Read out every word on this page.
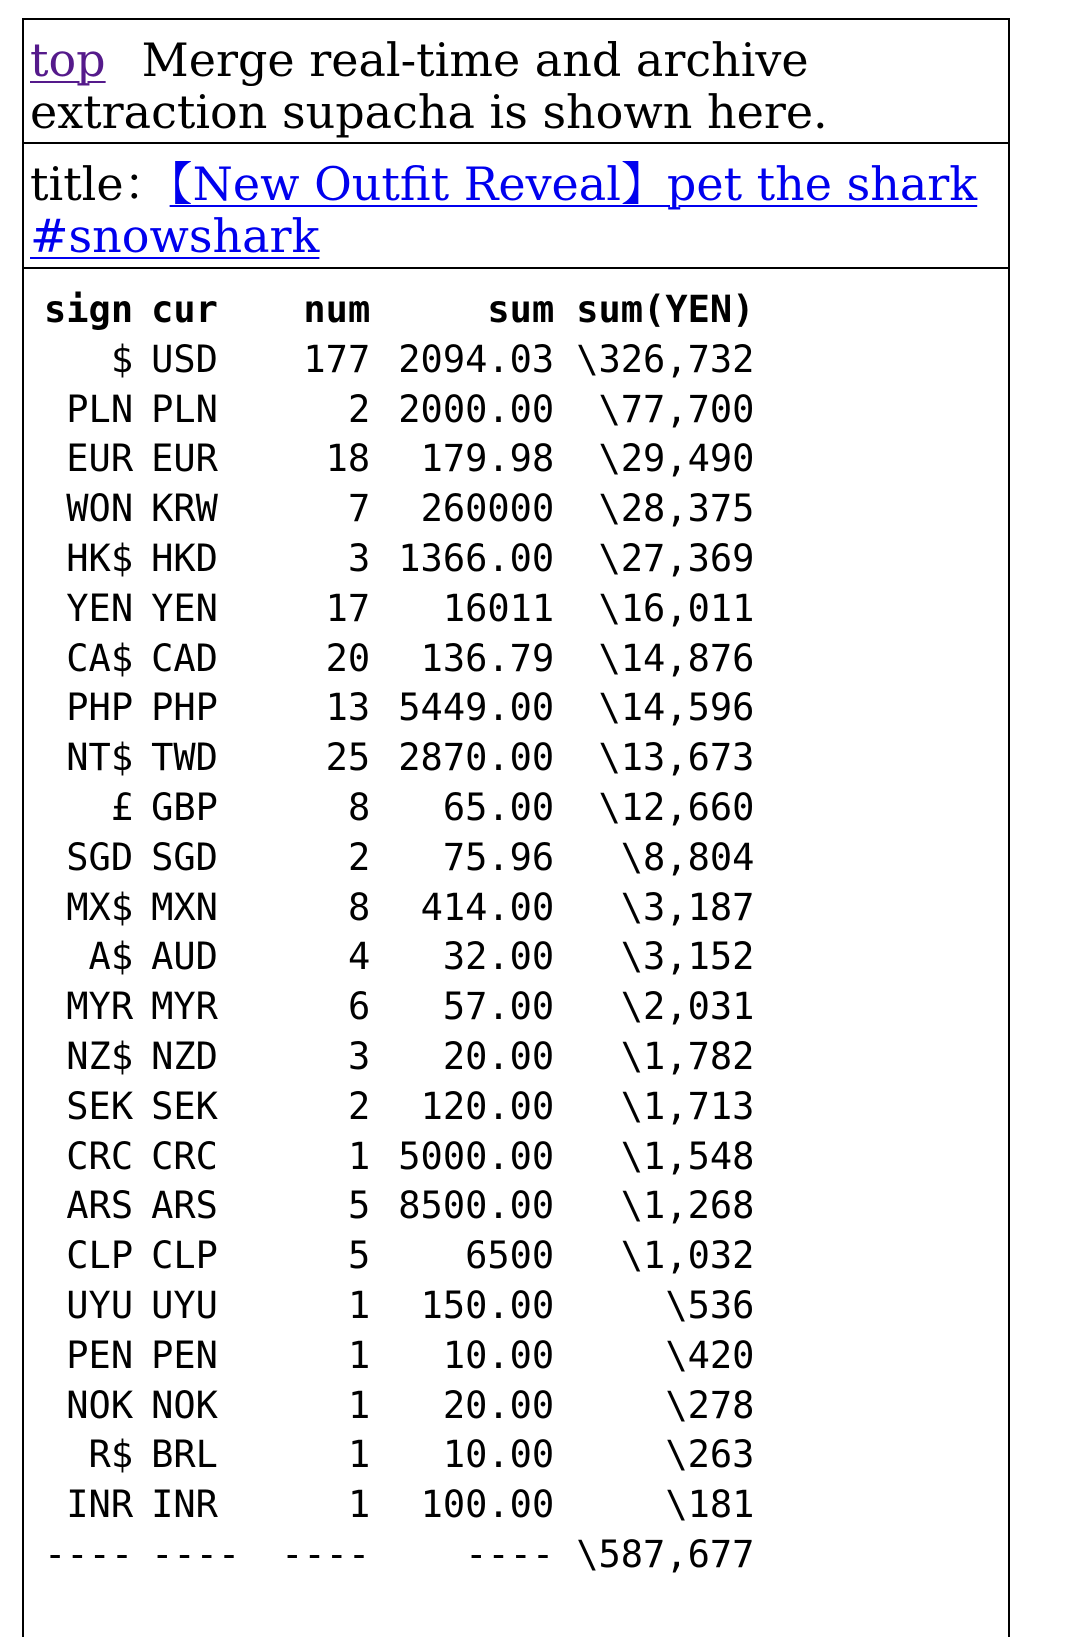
top Merge real-time and archive extraction supacha is shown here.
title：【New Outfit Reveal】pet the shark #snowshark
sign	cur	num	sum	sum(YEN)
$	USD	177	2094.03	\326,732
PLN	PLN	2	2000.00	\77,700
EUR	EUR	18	179.98	\29,490
WON	KRW	7	260000	\28,375
HK$	HKD	3	1366.00	\27,369
YEN	YEN	17	16011	\16,011
CA$	CAD	20	136.79	\14,876
PHP	PHP	13	5449.00	\14,596
NT$	TWD	25	2870.00	\13,673
£	GBP	8	65.00	\12,660
SGD	SGD	2	75.96	\8,804
MX$	MXN	8	414.00	\3,187
A$	AUD	4	32.00	\3,152
MYR	MYR	6	57.00	\2,031
NZ$	NZD	3	20.00	\1,782
SEK	SEK	2	120.00	\1,713
CRC	CRC	1	5000.00	\1,548
ARS	ARS	5	8500.00	\1,268
CLP	CLP	5	6500	\1,032
UYU	UYU	1	150.00	\536
PEN	PEN	1	10.00	\420
NOK	NOK	1	20.00	\278
R$	BRL	1	10.00	\263
INR	INR	1	100.00	\181
----	----	----	----	\587,677
